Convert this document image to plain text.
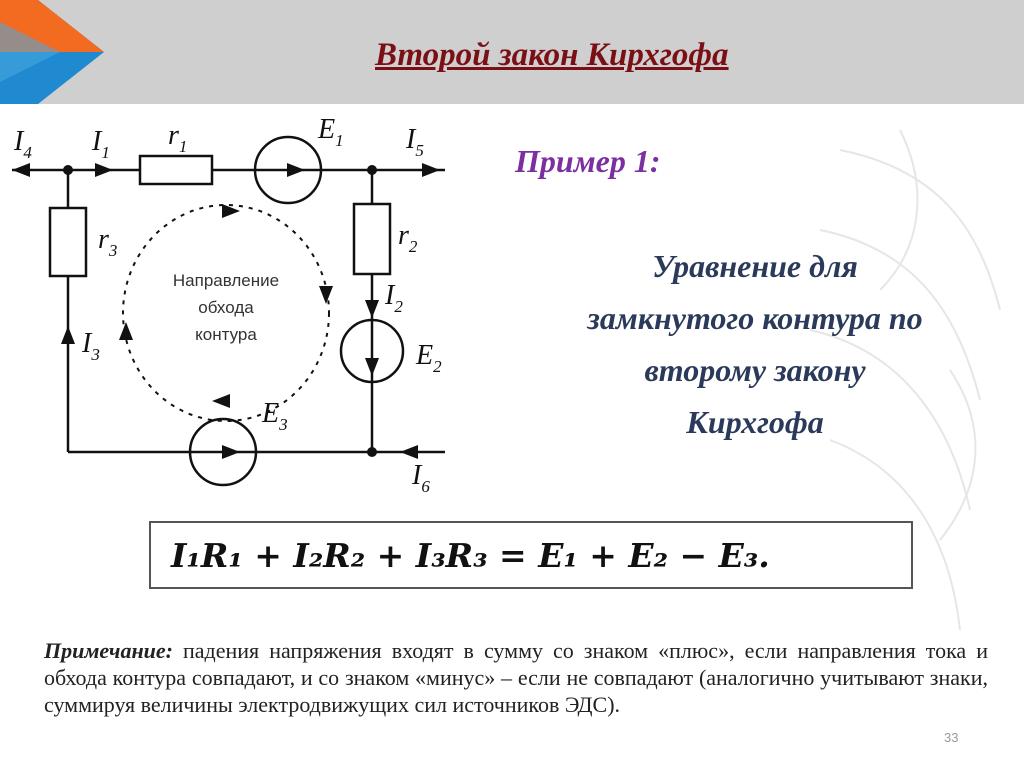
Второй закон Кирхгофа
Пример 1:
Уравнение для
замкнутого контура по
второму закону
Кирхгофа
$I_4$ $I_1$
$r_1$
$E_1$ $I_5$
$r_3$	$r_2$
$I_2$
$I_3$	$E_2$
$E_3$
$I_6$
Направление
обхода
контура
I₁R₁ + I₂R₂ + I₃R₃ = E₁ + E₂ − E₃.
Примечание: падения напряжения входят в сумму со знаком «плюс», если направления тока и обхода контура совпадают, и со знаком «минус» – если не совпадают (аналогично учитывают знаки, суммируя величины электродвижущих сил источников ЭДС).
33
